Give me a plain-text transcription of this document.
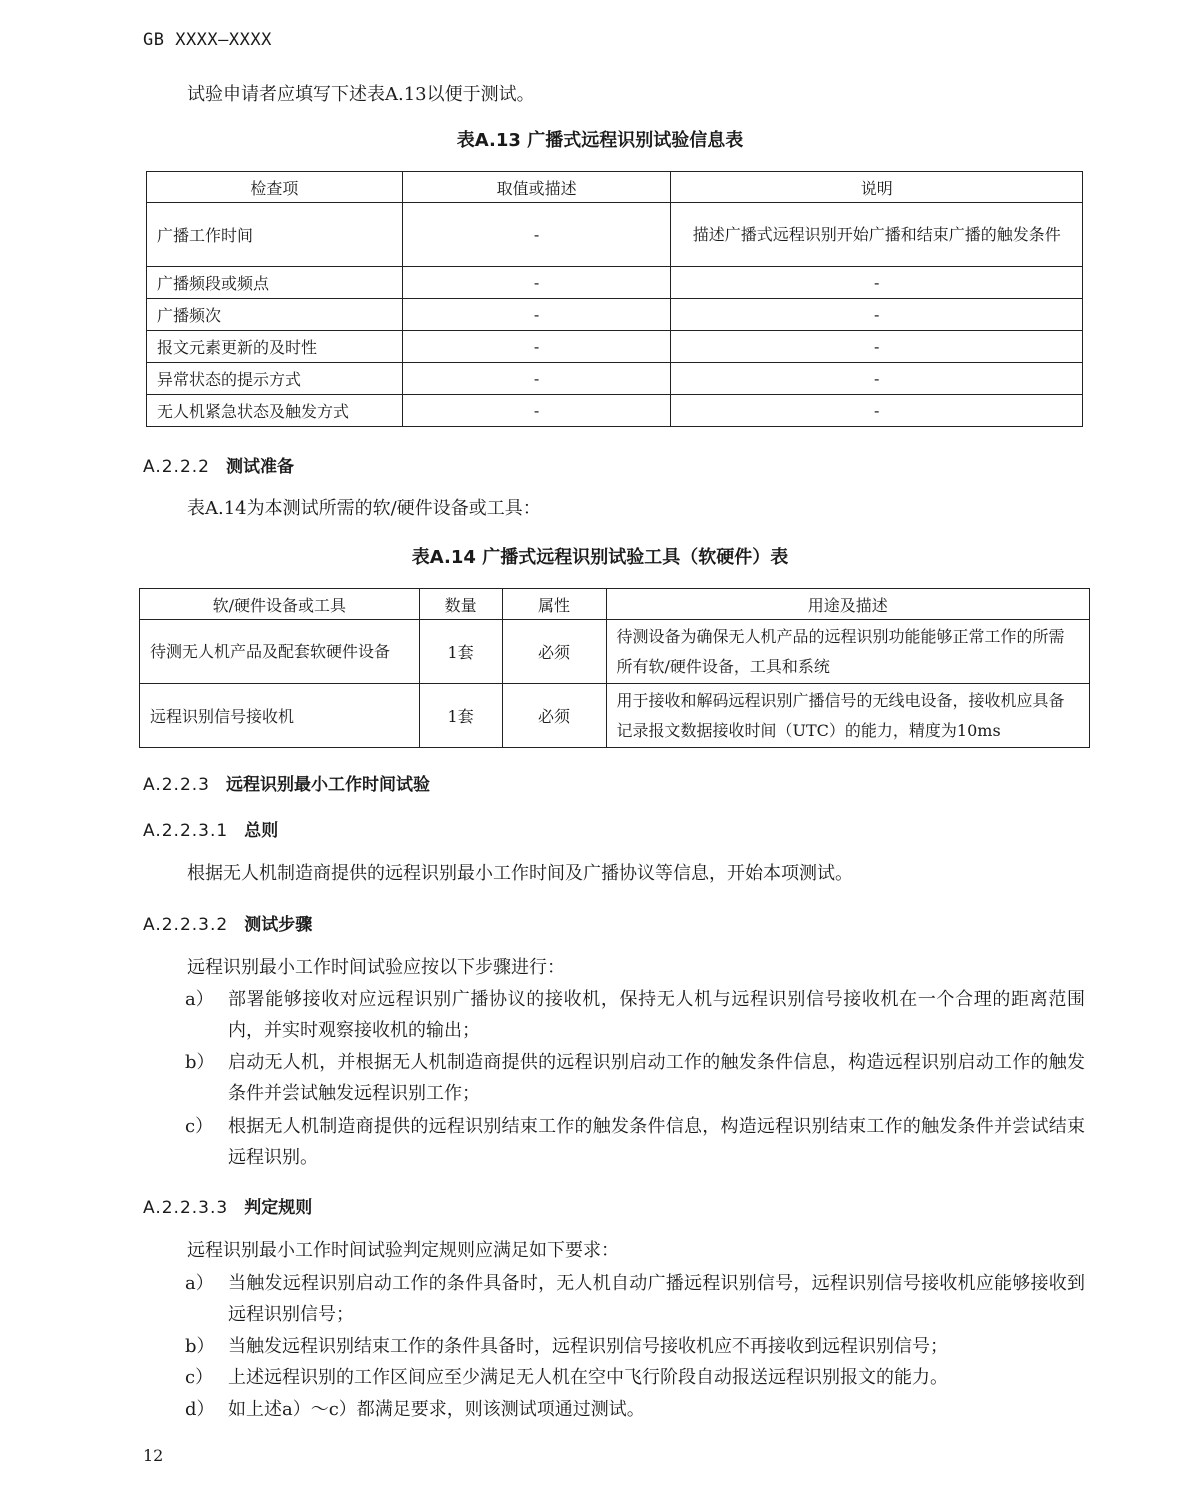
GB XXXX—XXXX
试验申请者应填写下述表A.13以便于测试。
表A.13 广播式远程识别试验信息表
检查项	取值或描述	说明
广播工作时间	-	描述广播式远程识别开始广播和结束广播的触发条件
广播频段或频点	-	-
广播频次	-	-
报文元素更新的及时性	-	-
异常状态的提示方式	-	-
无人机紧急状态及触发方式	-	-
A.2.2.2 测试准备
表A.14为本测试所需的软/硬件设备或工具：
表A.14 广播式远程识别试验工具（软硬件）表
软/硬件设备或工具	数量	属性	用途及描述
待测无人机产品及配套软硬件设备	1套	必须	待测设备为确保无人机产品的远程识别功能能够正常工作的所需所有软/硬件设备，工具和系统
远程识别信号接收机	1套	必须	用于接收和解码远程识别广播信号的无线电设备，接收机应具备记录报文数据接收时间（UTC）的能力，精度为10ms
A.2.2.3 远程识别最小工作时间试验
A.2.2.3.1 总则
根据无人机制造商提供的远程识别最小工作时间及广播协议等信息，开始本项测试。
A.2.2.3.2 测试步骤
远程识别最小工作时间试验应按以下步骤进行：
a） 部署能够接收对应远程识别广播协议的接收机，保持无人机与远程识别信号接收机在一个合理的距离范围内，并实时观察接收机的输出；
b） 启动无人机，并根据无人机制造商提供的远程识别启动工作的触发条件信息，构造远程识别启动工作的触发条件并尝试触发远程识别工作；
c） 根据无人机制造商提供的远程识别结束工作的触发条件信息，构造远程识别结束工作的触发条件并尝试结束远程识别。
A.2.2.3.3 判定规则
远程识别最小工作时间试验判定规则应满足如下要求：
a） 当触发远程识别启动工作的条件具备时，无人机自动广播远程识别信号，远程识别信号接收机应能够接收到远程识别信号；
b） 当触发远程识别结束工作的条件具备时，远程识别信号接收机应不再接收到远程识别信号；
c） 上述远程识别的工作区间应至少满足无人机在空中飞行阶段自动报送远程识别报文的能力。
d） 如上述a）～c）都满足要求，则该测试项通过测试。
12
